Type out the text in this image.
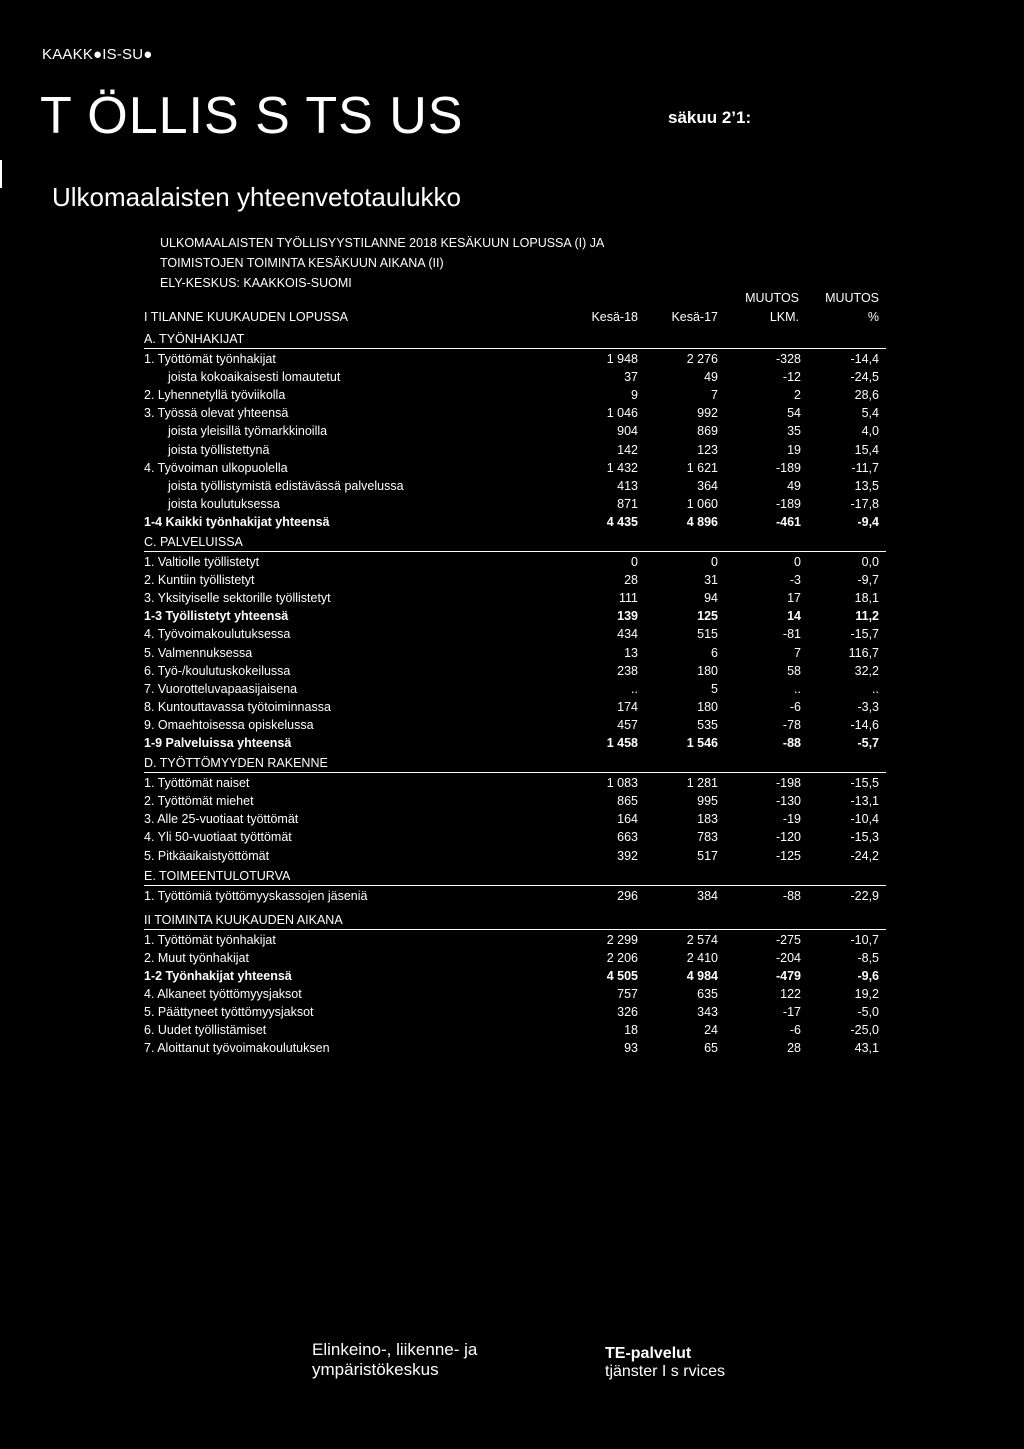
KAAKK●IS-SU●
T ÖLLIS S TS US	säkuu 2’1:
Ulkomaalaisten yhteenvetotaulukko
ULKOMAALAISTEN TYÖLLISYYSTILANNE 2018 KESÄKUUN LOPUSSA (I) JA
TOIMISTOJEN TOIMINTA KESÄKUUN AIKANA (II)
ELY-KESKUS: KAAKKOIS-SUOMI
MUUTOS	MUUTOS
I TILANNE KUUKAUDEN LOPUSSA	Kesä-18	Kesä-17	LKM.	%
A. TYÖNHAKIJAT
1. Työttömät työnhakijat	1 948	2 276	-328	-14,4
joista kokoaikaisesti lomautetut	37	49	-12	-24,5
2. Lyhennetyllä työviikolla	9	7	2	28,6
3. Työssä olevat yhteensä	1 046	992	54	5,4
joista yleisillä työmarkkinoilla	904	869	35	4,0
joista työllistettynä	142	123	19	15,4
4. Työvoiman ulkopuolella	1 432	1 621	-189	-11,7
joista työllistymistä edistävässä palvelussa	413	364	49	13,5
joista koulutuksessa	871	1 060	-189	-17,8
1-4 Kaikki työnhakijat yhteensä	4 435	4 896	-461	-9,4
C. PALVELUISSA
1. Valtiolle työllistetyt	0	0	0	0,0
2. Kuntiin työllistetyt	28	31	-3	-9,7
3. Yksityiselle sektorille työllistetyt	111	94	17	18,1
1-3 Työllistetyt yhteensä	139	125	14	11,2
4. Työvoimakoulutuksessa	434	515	-81	-15,7
5. Valmennuksessa	13	6	7	116,7
6. Työ-/koulutuskokeilussa	238	180	58	32,2
7. Vuorotteluvapaasijaisena	..	5	..	..
8. Kuntouttavassa työtoiminnassa	174	180	-6	-3,3
9. Omaehtoisessa opiskelussa	457	535	-78	-14,6
1-9 Palveluissa yhteensä	1 458	1 546	-88	-5,7
D. TYÖTTÖMYYDEN RAKENNE
1. Työttömät naiset	1 083	1 281	-198	-15,5
2. Työttömät miehet	865	995	-130	-13,1
3. Alle 25-vuotiaat työttömät	164	183	-19	-10,4
4. Yli 50-vuotiaat työttömät	663	783	-120	-15,3
5. Pitkäaikaistyöttömät	392	517	-125	-24,2
E. TOIMEENTULOTURVA
1. Työttömiä työttömyyskassojen jäseniä	296	384	-88	-22,9
II TOIMINTA KUUKAUDEN AIKANA
1. Työttömät työnhakijat	2 299	2 574	-275	-10,7
2. Muut työnhakijat	2 206	2 410	-204	-8,5
1-2 Työnhakijat yhteensä	4 505	4 984	-479	-9,6
4. Alkaneet työttömyysjaksot	757	635	122	19,2
5. Päättyneet työttömyysjaksot	326	343	-17	-5,0
6. Uudet työllistämiset	18	24	-6	-25,0
7. Aloittanut työvoimakoulutuksen	93	65	28	43,1
Elinkeino-, liikenne- ja
ympäristökeskus
TE-palvelut
tjänster I s rvices
